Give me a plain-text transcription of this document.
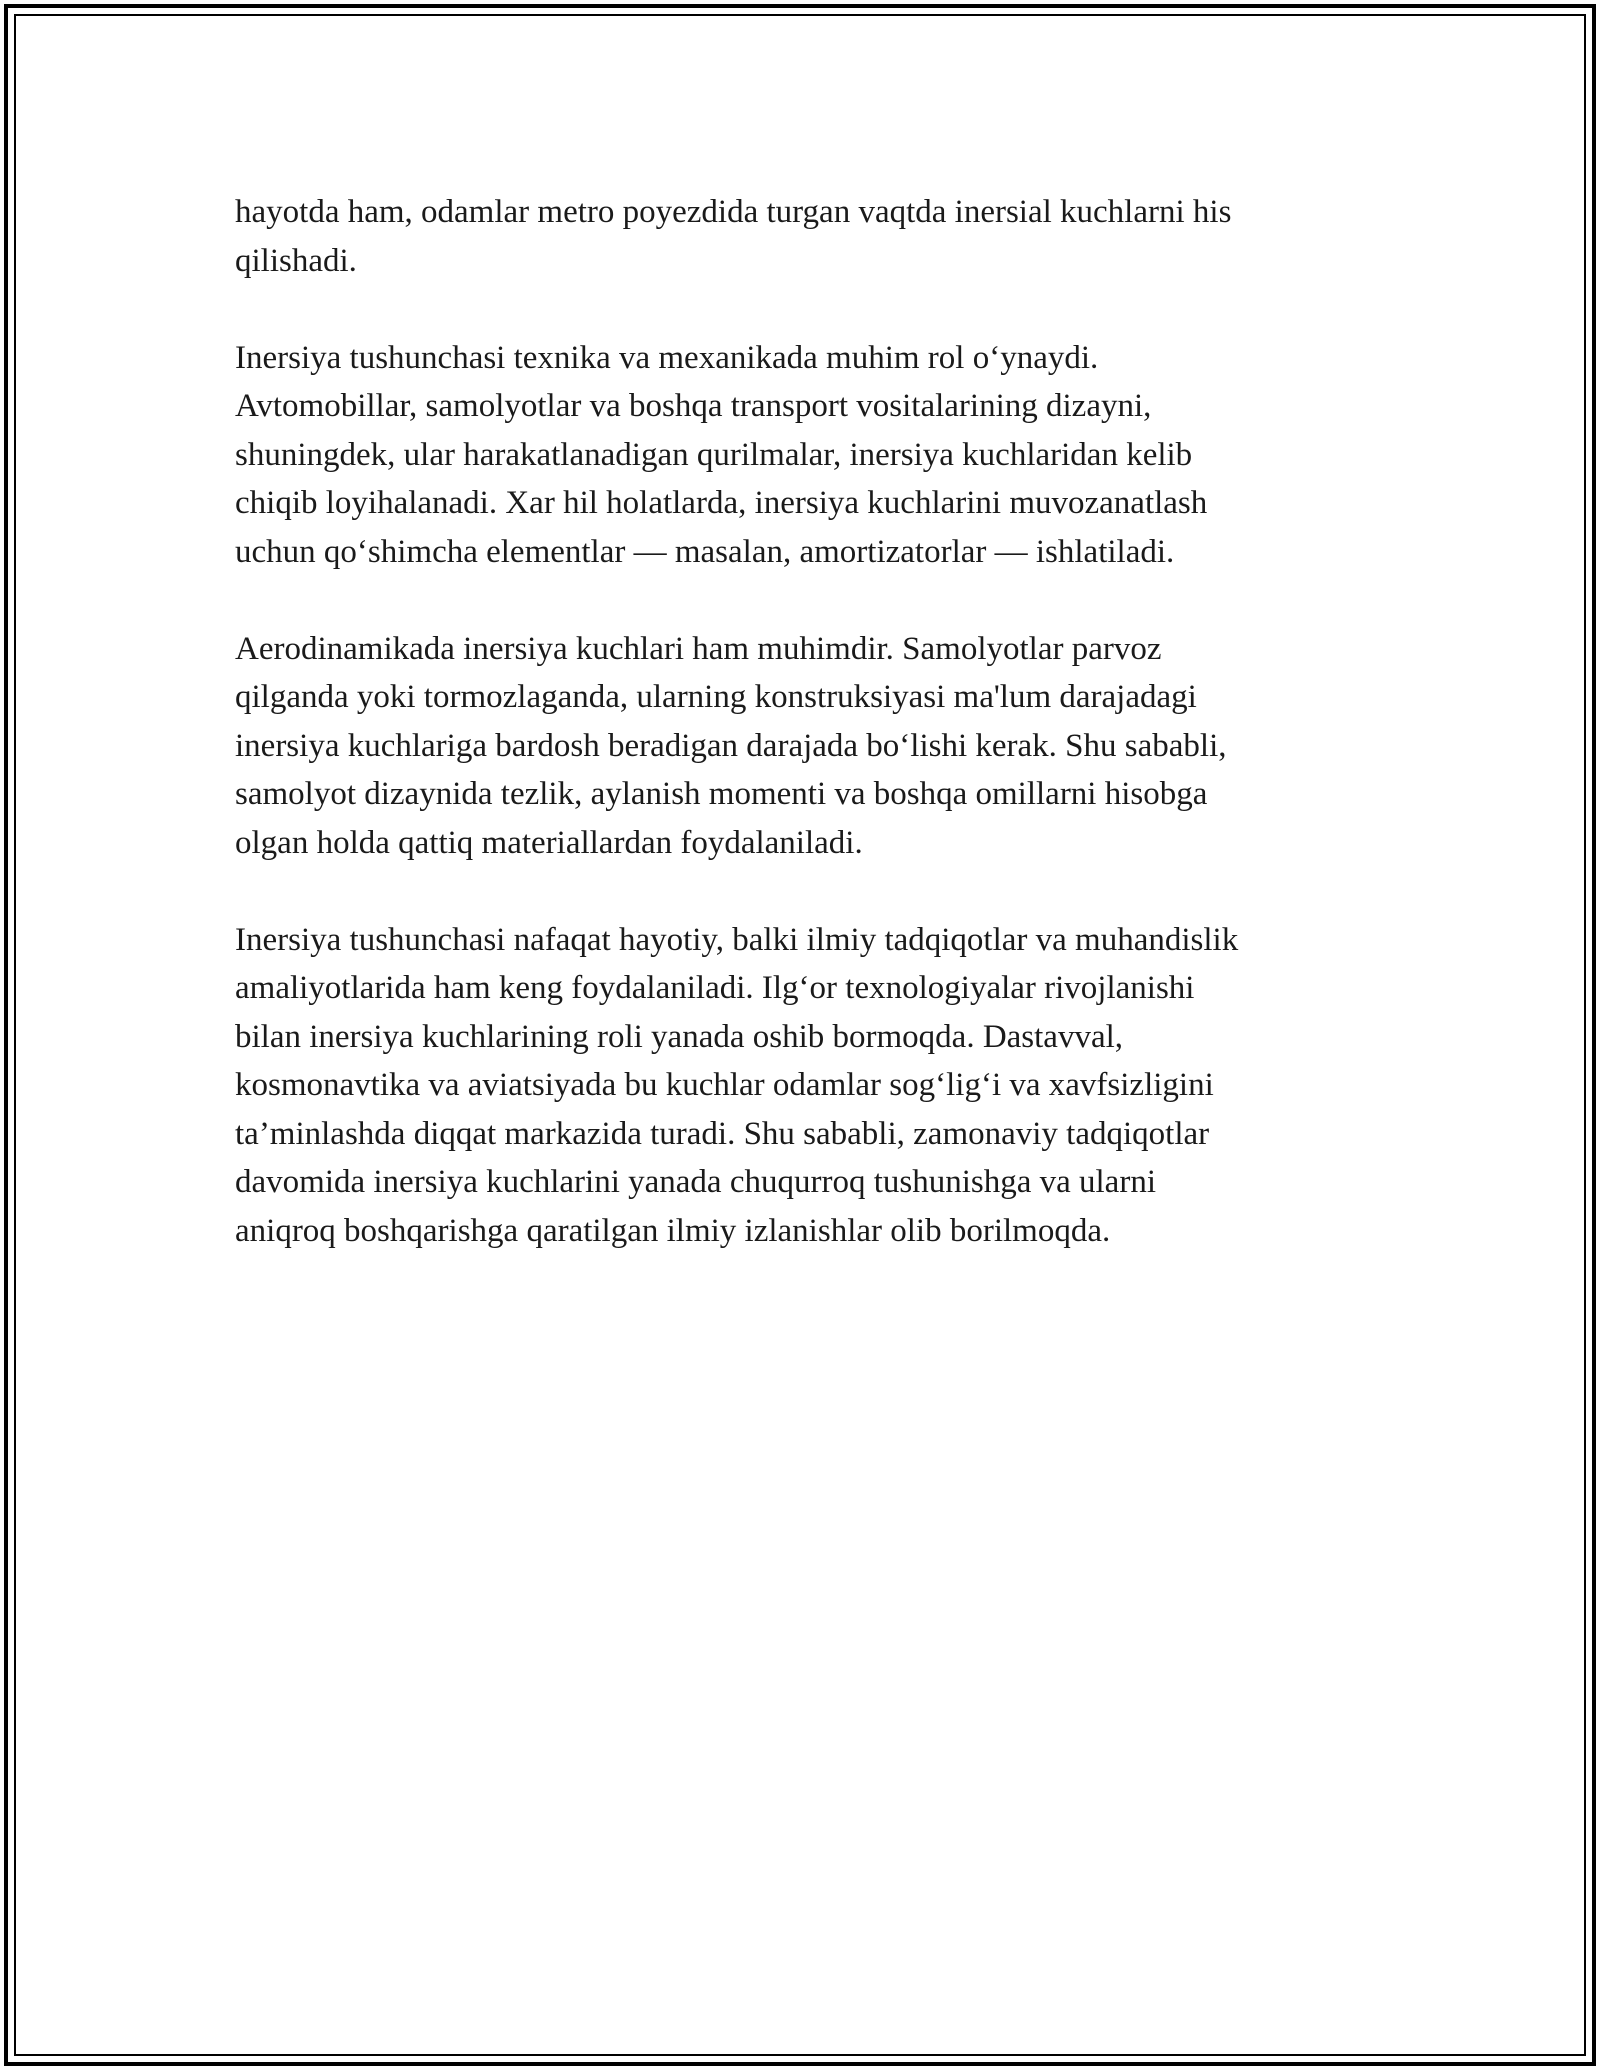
hayotda ham, odamlar metro poyezdida turgan vaqtda inersial kuchlarni his
qilishadi.

Inersiya tushunchasi texnika va mexanikada muhim rol o‘ynaydi.
Avtomobillar, samolyotlar va boshqa transport vositalarining dizayni,
shuningdek, ular harakatlanadigan qurilmalar, inersiya kuchlaridan kelib
chiqib loyihalanadi. Xar hil holatlarda, inersiya kuchlarini muvozanatlash
uchun qo‘shimcha elementlar — masalan, amortizatorlar — ishlatiladi.

Aerodinamikada inersiya kuchlari ham muhimdir. Samolyotlar parvoz
qilganda yoki tormozlaganda, ularning konstruksiyasi ma'lum darajadagi
inersiya kuchlariga bardosh beradigan darajada bo‘lishi kerak. Shu sababli,
samolyot dizaynida tezlik, aylanish momenti va boshqa omillarni hisobga
olgan holda qattiq materiallardan foydalaniladi.

Inersiya tushunchasi nafaqat hayotiy, balki ilmiy tadqiqotlar va muhandislik
amaliyotlarida ham keng foydalaniladi. Ilg‘or texnologiyalar rivojlanishi
bilan inersiya kuchlarining roli yanada oshib bormoqda. Dastavval,
kosmonavtika va aviatsiyada bu kuchlar odamlar sog‘lig‘i va xavfsizligini
ta’minlashda diqqat markazida turadi. Shu sababli, zamonaviy tadqiqotlar
davomida inersiya kuchlarini yanada chuqurroq tushunishga va ularni
aniqroq boshqarishga qaratilgan ilmiy izlanishlar olib borilmoqda.
